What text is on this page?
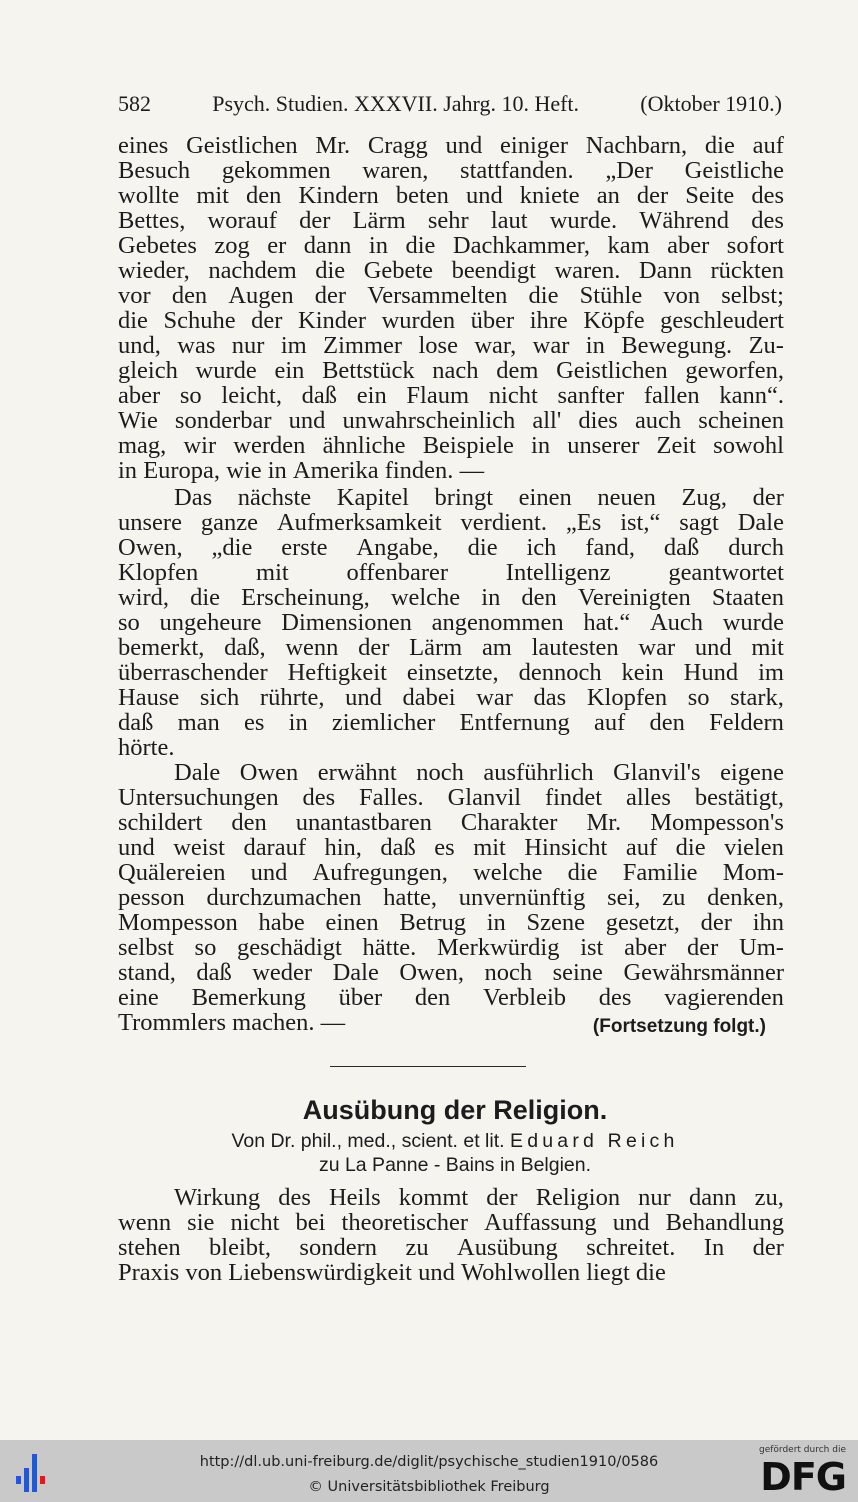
582	Psych. Studien. XXXVII. Jahrg. 10. Heft.	(Oktober 1910.)
eines Geistlichen Mr. Cragg und einiger Nachbarn, die auf
Besuch gekommen waren, stattfanden. „Der Geistliche
wollte mit den Kindern beten und kniete an der Seite des
Bettes, worauf der Lärm sehr laut wurde. Während des
Gebetes zog er dann in die Dachkammer, kam aber sofort
wieder, nachdem die Gebete beendigt waren. Dann rückten
vor den Augen der Versammelten die Stühle von selbst;
die Schuhe der Kinder wurden über ihre Köpfe geschleudert
und, was nur im Zimmer lose war, war in Bewegung. Zu-
gleich wurde ein Bettstück nach dem Geistlichen geworfen,
aber so leicht, daß ein Flaum nicht sanfter fallen kann“.
Wie sonderbar und unwahrscheinlich all' dies auch scheinen
mag, wir werden ähnliche Beispiele in unserer Zeit sowohl
in Europa, wie in Amerika finden. —
Das nächste Kapitel bringt einen neuen Zug, der
unsere ganze Aufmerksamkeit verdient. „Es ist,“ sagt Dale
Owen, „die erste Angabe, die ich fand, daß durch
Klopfen mit offenbarer Intelligenz geantwortet
wird, die Erscheinung, welche in den Vereinigten Staaten
so ungeheure Dimensionen angenommen hat.“ Auch wurde
bemerkt, daß, wenn der Lärm am lautesten war und mit
überraschender Heftigkeit einsetzte, dennoch kein Hund im
Hause sich rührte, und dabei war das Klopfen so stark,
daß man es in ziemlicher Entfernung auf den Feldern
hörte.
Dale Owen erwähnt noch ausführlich Glanvil's eigene
Untersuchungen des Falles. Glanvil findet alles bestätigt,
schildert den unantastbaren Charakter Mr. Mompesson's
und weist darauf hin, daß es mit Hinsicht auf die vielen
Quälereien und Aufregungen, welche die Familie Mom-
pesson durchzumachen hatte, unvernünftig sei, zu denken,
Mompesson habe einen Betrug in Szene gesetzt, der ihn
selbst so geschädigt hätte. Merkwürdig ist aber der Um-
stand, daß weder Dale Owen, noch seine Gewährsmänner
eine Bemerkung über den Verbleib des vagierenden
Trommlers machen. —	(Fortsetzung folgt.)
Ausübung der Religion.
Von Dr. phil., med., scient. et lit. Eduard Reich
zu La Panne - Bains in Belgien.
Wirkung des Heils kommt der Religion nur dann zu,
wenn sie nicht bei theoretischer Auffassung und Behandlung
stehen bleibt, sondern zu Ausübung schreitet. In der
Praxis von Liebenswürdigkeit und Wohlwollen liegt die
http://dl.ub.uni-freiburg.de/diglit/psychische_studien1910/0586
© Universitätsbibliothek Freiburg
gefördert durch die
DFG
